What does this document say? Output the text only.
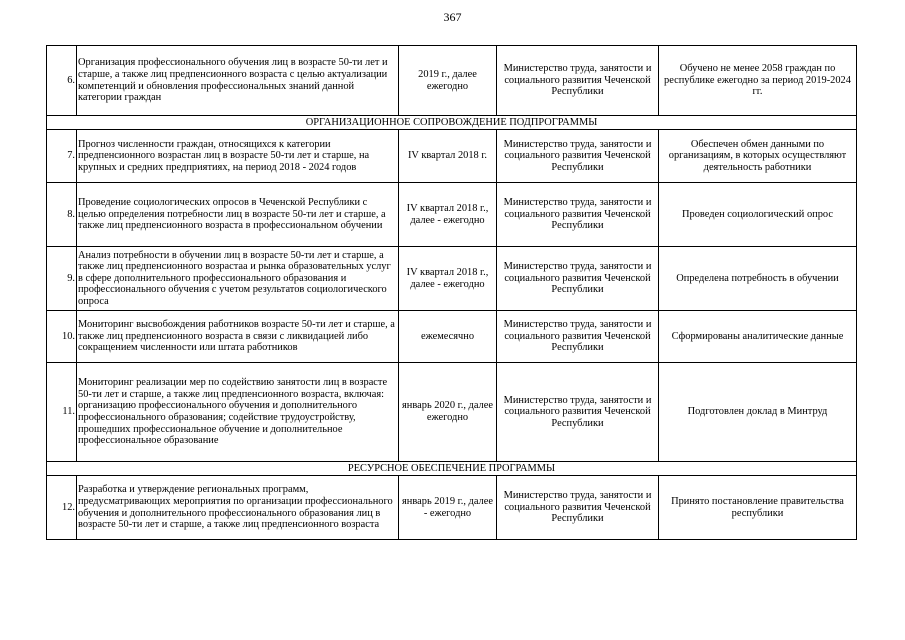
367
6.	Организация профессионального обучения лиц в возрасте 50-ти лет и старше, а также лиц предпенсионного возраста с целью актуализации компетенций и обновления профессиональных знаний данной категории граждан	2019 г., далее ежегодно	Министерство труда, занятости и социального развития Чеченской Республики	Обучено не менее 2058 граждан по республике ежегодно за период 2019-2024 гг.
ОРГАНИЗАЦИОННОЕ СОПРОВОЖДЕНИЕ ПОДПРОГРАММЫ				
7.	Прогноз численности граждан, относящихся к категории предпенсионного возрастан лиц в возрасте 50-ти лет и старше, на крупных и средних предприятиях, на период 2018 - 2024 годов	IV квартал 2018 г.	Министерство труда, занятости и социального развития Чеченской Республики	Обеспечен обмен данными по организациям, в которых осуществляют деятельность работники
8.	Проведение социологических опросов в Чеченской Республики с целью определения потребности лиц в возрасте 50-ти лет и старше, а также лиц предпенсионного возраста в профессиональном обучении	IV квартал 2018 г., далее - ежегодно	Министерство труда, занятости и социального развития Чеченской Республики	Проведен социологический опрос
9.	Анализ потребности в обучении лиц в возрасте 50-ти лет и старше, а также лиц предпенсионного возрастаа и рынка образовательных услуг в сфере дополнительного профессионального образования и профессионального обучения с учетом результатов социологического опроса	IV квартал 2018 г., далее - ежегодно	Министерство труда, занятости и социального развития Чеченской Республики	Определена потребность в обучении
10.	Мониторинг высвобождения работников возрасте 50-ти лет и старше, а также лиц предпенсионного возраста в связи с ликвидацией либо сокращением численности или штата работников	ежемесячно	Министерство труда, занятости и социального развития Чеченской Республики	Сформированы аналитические данные
11.	Мониторинг реализации мер по содействию занятости лиц в возрасте 50-ти лет и старше, а также лиц предпенсионного возраста, включая: организацию профессионального обучения и дополнительного профессионального образования; содействие трудоустройству, прошедших профессиональное обучение и дополнительное профессиональное образование	январь 2020 г., далее ежегодно	Министерство труда, занятости и социального развития Чеченской Республики	Подготовлен доклад в Минтруд
РЕСУРСНОЕ ОБЕСПЕЧЕНИЕ ПРОГРАММЫ				
12.	Разработка и утверждение региональных программ, предусматривающих мероприятия по организации профессионального обучения и дополнительного профессионального образования лиц в возрасте 50-ти лет и старше, а также лиц предпенсионного возраста	январь 2019 г., далее - ежегодно	Министерство труда, занятости и социального развития Чеченской Республики	Принято постановление правительства республики
